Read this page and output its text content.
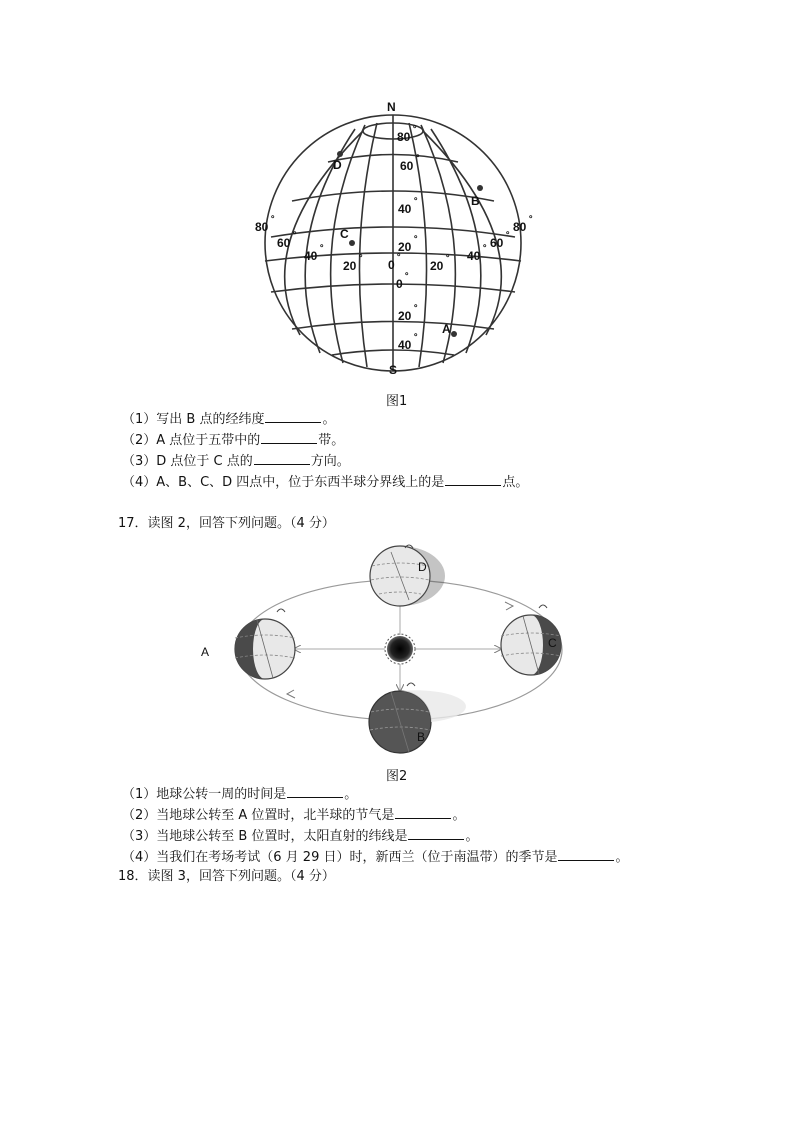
N
S
D
B
C
A
80 ˚
60 ˚
40 ˚
20 ˚
0 ˚
20 ˚
40 ˚
80 ˚
60 ˚
40 ˚
20 ˚ 0 ˚ 20 ˚ 40 ˚ 60 ˚
80 ˚
图1
（1）写出 B 点的经纬度	。
（2）A 点位于五带中的	带。
（3）D 点位于 C 点的	方向。
（4）A、B、C、D 四点中，位于东西半球分界线上的是	点。
17．读图 2，回答下列问题。（4 分）
A
B
C
D
图2
（1）地球公转一周的时间是	。
（2）当地球公转至 A 位置时，北半球的节气是	。
（3）当地球公转至 B 位置时，太阳直射的纬线是	。
（4）当我们在考场考试（6 月 29 日）时，新西兰（位于南温带）的季节是	。
18．读图 3，回答下列问题。（4 分）
